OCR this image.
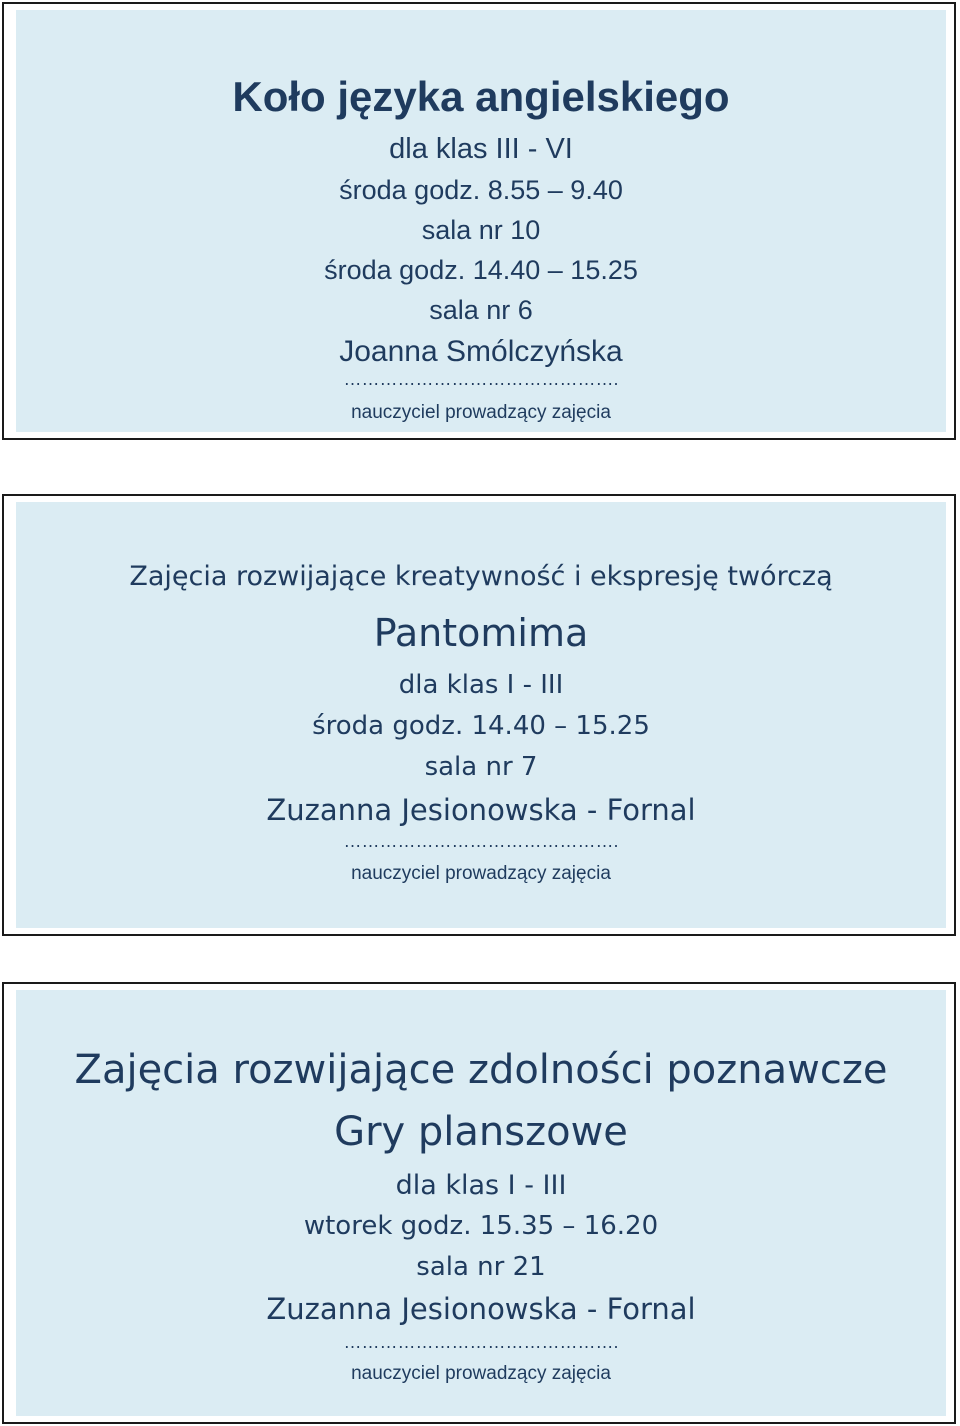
Koło języka angielskiego
dla klas III - VI
środa godz. 8.55 – 9.40
sala nr 10
środa godz. 14.40 – 15.25
sala nr 6
Joanna Smólczyńska
……………………………………….
nauczyciel prowadzący zajęcia
Zajęcia rozwijające kreatywność i ekspresję twórczą
Pantomima
dla klas I - III
środa godz. 14.40 – 15.25
sala nr 7
Zuzanna Jesionowska - Fornal
……………………………………….
nauczyciel prowadzący zajęcia
Zajęcia rozwijające zdolności poznawcze
Gry planszowe
dla klas I - III
wtorek godz. 15.35 – 16.20
sala nr 21
Zuzanna Jesionowska - Fornal
……………………………………….
nauczyciel prowadzący zajęcia
